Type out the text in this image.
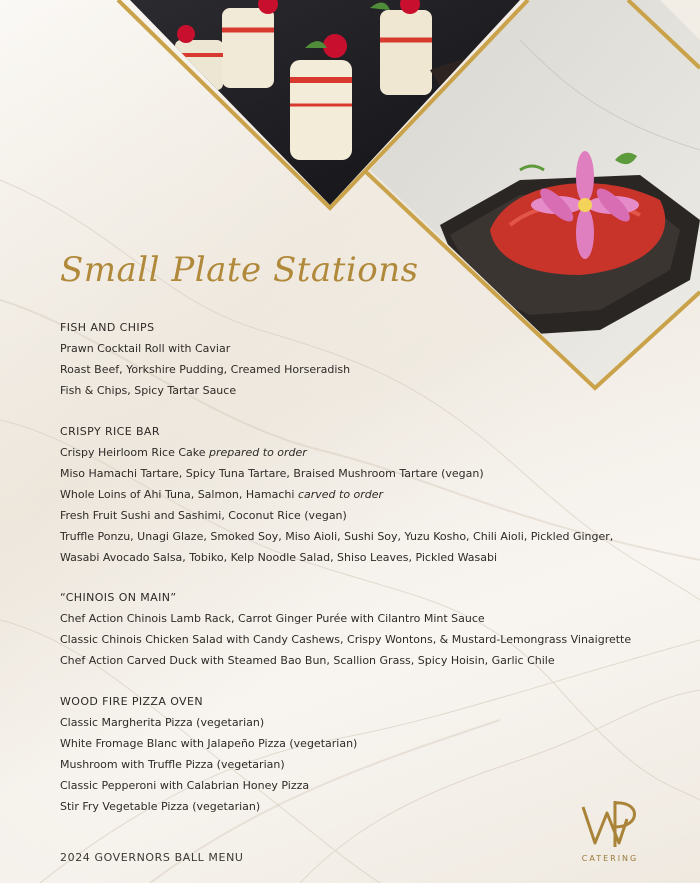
Small Plate Stations
FISH AND CHIPS
Prawn Cocktail Roll with Caviar
Roast Beef, Yorkshire Pudding, Creamed Horseradish
Fish & Chips, Spicy Tartar Sauce
CRISPY RICE BAR
Crispy Heirloom Rice Cake prepared to order
Miso Hamachi Tartare, Spicy Tuna Tartare, Braised Mushroom Tartare (vegan)
Whole Loins of Ahi Tuna, Salmon, Hamachi carved to order
Fresh Fruit Sushi and Sashimi, Coconut Rice (vegan)
Truffle Ponzu, Unagi Glaze, Smoked Soy, Miso Aioli, Sushi Soy, Yuzu Kosho, Chili Aioli, Pickled Ginger,
Wasabi Avocado Salsa, Tobiko, Kelp Noodle Salad, Shiso Leaves, Pickled Wasabi
“CHINOIS ON MAIN”
Chef Action Chinois Lamb Rack, Carrot Ginger Purée with Cilantro Mint Sauce
Classic Chinois Chicken Salad with Candy Cashews, Crispy Wontons, & Mustard-Lemongrass Vinaigrette
Chef Action Carved Duck with Steamed Bao Bun, Scallion Grass, Spicy Hoisin, Garlic Chile
WOOD FIRE PIZZA OVEN
Classic Margherita Pizza (vegetarian)
White Fromage Blanc with Jalapeño Pizza (vegetarian)
Mushroom with Truffle Pizza (vegetarian)
Classic Pepperoni with Calabrian Honey Pizza
Stir Fry Vegetable Pizza (vegetarian)
2024 GOVERNORS BALL MENU	CATERING
